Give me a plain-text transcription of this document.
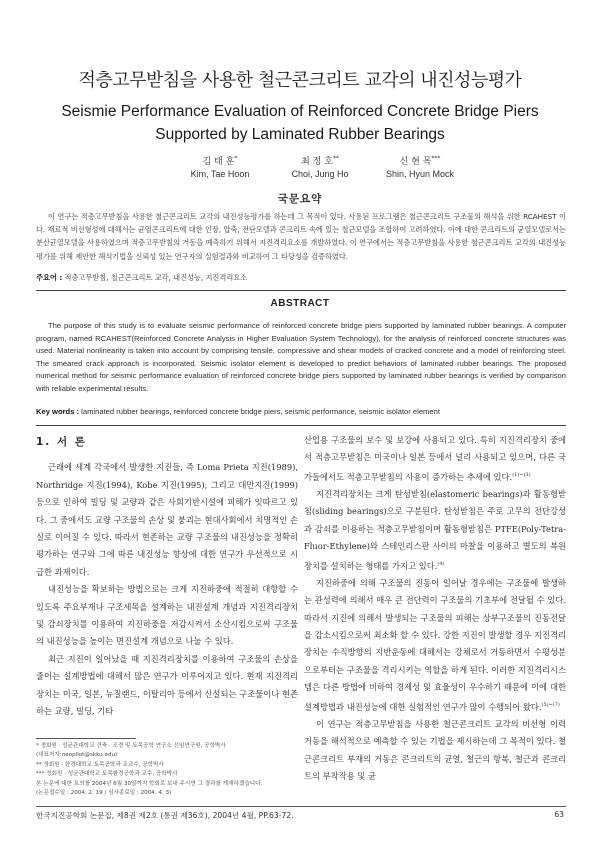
적층고무받침을 사용한 철근콘크리트 교각의 내진성능평가
Seismie Performance Evaluation of Reinforced Concrete Bridge Piers
Supported by Laminated Rubber Bearings
김 태 훈*
Kim, Tae Hoon
최 정 호**
Choi, Jung Ho
신 현 목***
Shin, Hyun Mock
국문요약
이 연구는 적층고무받침을 사용한 철근콘크리트 교각의 내진성능평가를 하는데 그 목적이 있다. 사용된 프로그램은 철근콘크리트 구조물의 해석을 위한 RCAHEST 이다. 재료적 비선형성에 대해서는 균열콘크리트에 대한 인장, 압축, 전단모델과 콘크리트 속에 있는 철근모델을 조합하여 고려하였다. 이에 대한 콘크리트의 균열모델로서는 분산균열모델을 사용하였으며 적층고무받침의 거동을 예측하기 위해서 지진격리요소를 개발하였다. 이 연구에서는 적층고무받침을 사용한 철근콘크리트 교각의 내진성능평가를 위해 제안한 해석기법을 신뢰성 있는 연구자의 실험결과와 비교하여 그 타당성을 검증하였다.
주요어 : 적층고무받침, 철근콘크리트 교각, 내진성능, 지진격리요소
ABSTRACT
The purpose of this study is to evaluate seismic performance of reinforced concrete bridge piers supported by laminated rubber bearings. A computer program, named RCAHEST(Reinforced Concrete Analysis in Higher Evaluation System Technology), for the analysis of reinforced concrete structures was used. Material nonlinearity is taken into account by comprising tensile, compressive and shear models of cracked concrete and a model of reinforcing steel. The smeared crack approach is incorporated. Seismic isolator element is developed to predict behaviors of laminated rubber bearings. The proposed numerical method for seismic performance evaluation of reinforced concrete bridge piers supported by laminated rubber bearings is verified by comparison with reliable experimental results.
Key words : laminated rubber bearings, reinforced concrete bridge piers, seismic performance, seismic isolator element
1. 서 론

근래에 세계 각국에서 발생한 지진들, 즉 Loma Prieta 지진(1989), Northridge 지진(1994), Kobe 지진(1995), 그리고 대만지진(1999) 등으로 인하여 빌딩 및 교량과 같은 사회기반시설에 피해가 잇따르고 있다. 그 중에서도 교량 구조물의 손상 및 붕괴는 현대사회에서 치명적인 손실로 이어질 수 있다. 따라서 현존하는 교량 구조물의 내진성능을 정확히 평가하는 연구와 그에 따른 내진성능 향상에 대한 연구가 우선적으로 시급한 과제이다.

내진성능을 확보하는 방법으로는 크게 지진하중에 적절히 대항할 수 있도록 주요부재나 구조세목을 설계하는 내진설계 개념과 지진격리장치 및 감쇠장치를 이용하여 지진하중을 저감시켜서 소산시킴으로써 구조물의 내진성능을 높이는 면진설계 개념으로 나눌 수 있다.

최근 지진이 일어났을 때 지진격리장치를 이용하여 구조물의 손상을 줄이는 설계방법에 대해서 많은 연구가 이루어지고 있다. 현재 지진격리장치는 미국, 일본, 뉴질랜드, 이탈리아 등에서 신설되는 구조물이나 현존하는 교량, 빌딩, 기타

산업용 구조물의 보수 및 보강에 사용되고 있다. 특히 지진격리장치 중에서 적층고무받침은 미국이나 일본 등에서 널리 사용되고 있으며, 다른 국가들에서도 적층고무받침의 사용이 증가하는 추세에 있다.$^{(1)\sim(3)}$

지진격리장치는 크게 탄성받침(elastomeric bearings)과 활동형받침(sliding bearings)으로 구분된다. 탄성받침은 주로 고무의 전단강성과 감쇠를 이용하는 적층고무받침이며 활동형받침은 PTFE(Poly-Tetra-Fluor-Ethylene)와 스테인리스판 사이의 마찰을 이용하고 별도의 복원장치를 설치하는 형태를 가지고 있다.$^{(4)}$

지진하중에 의해 구조물의 진동이 일어날 경우에는 구조물에 발생하는 관성력에 의해서 매우 큰 전단력이 구조물의 기초부에 전달될 수 있다. 따라서 지진에 의해서 발생되는 구조물의 피해는 상부구조물의 진동전달을 감소시킴으로써 최소화 할 수 있다. 강한 지진이 발생할 경우 지진격리장치는 수직방향의 지반운동에 대해서는 강체로서 거동하면서 수평성분으로부터는 구조물을 격리시키는 역할을 하게 된다. 이러한 지진격리시스템은 다른 방법에 비하여 경제성 및 효율성이 우수하기 때문에 이에 대한 설계방법과 내진성능에 대한 실험적인 연구가 많이 수행되어 왔다.$^{(5)\sim(7)}$

이 연구는 적층고무받침을 사용한 철근콘크리트 교각의 비선형 이력거동을 해석적으로 예측할 수 있는 기법을 제시하는데 그 목적이 있다. 철근콘크리트 부재의 거동은 콘크리트의 균열, 철근의 항복, 철근과 콘크리트의 부착작용 및 균

* 정회원 · 성균관대학교 건축 · 조경 및 토목공학 연구소 선임연구원, 공학박사
(대표저자:neopilot@skku.edu)
** 정회원 · 한경대학교 토목공학과 조교수, 공학박사
*** 정회원 · 성균관대학교 토목환경공학과 교수, 공학박사
본 논문에 대한 토의를 2004년 6월 30일까지 학회로 보내 주시면 그 결과를 게재하겠습니다.
(논문접수일 : 2004. 2. 19 / 심사종료일 : 2004. 4. 3)
한국지진공학회 논문집, 제8권 제2호 (통권 제36호), 2004년 4월, PP.63-72.	63
